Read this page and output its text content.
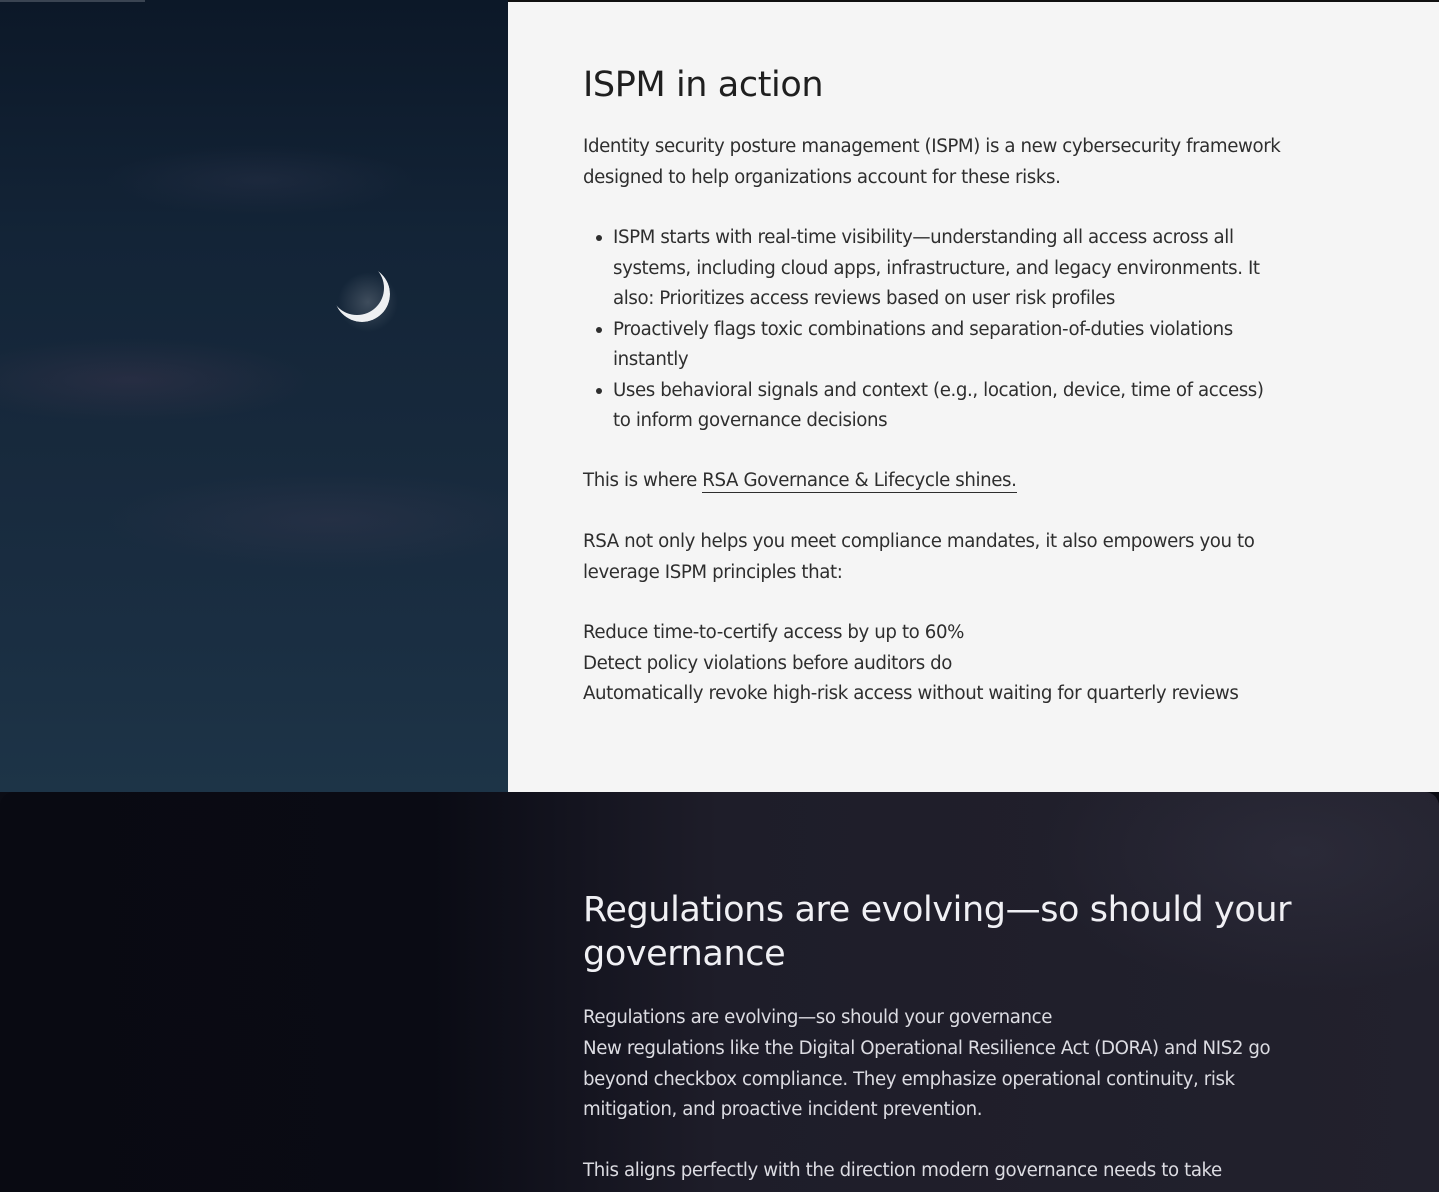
ISPM in action

Identity security posture management (ISPM) is a new cybersecurity framework designed to help organizations account for these risks.

ISPM starts with real-time visibility—understanding all access across all systems, including cloud apps, infrastructure, and legacy environments. It also: Prioritizes access reviews based on user risk profiles
Proactively flags toxic combinations and separation-of-duties violations instantly
Uses behavioral signals and context (e.g., location, device, time of access) to inform governance decisions

This is where RSA Governance & Lifecycle shines.

RSA not only helps you meet compliance mandates, it also empowers you to leverage ISPM principles that:

Reduce time-to-certify access by up to 60%

Detect policy violations before auditors do

Automatically revoke high-risk access without waiting for quarterly reviews

Regulations are evolving—so should your governance

Regulations are evolving—so should your governance

New regulations like the Digital Operational Resilience Act (DORA) and NIS2 go beyond checkbox compliance. They emphasize operational continuity, risk mitigation, and proactive incident prevention.

This aligns perfectly with the direction modern governance needs to take
